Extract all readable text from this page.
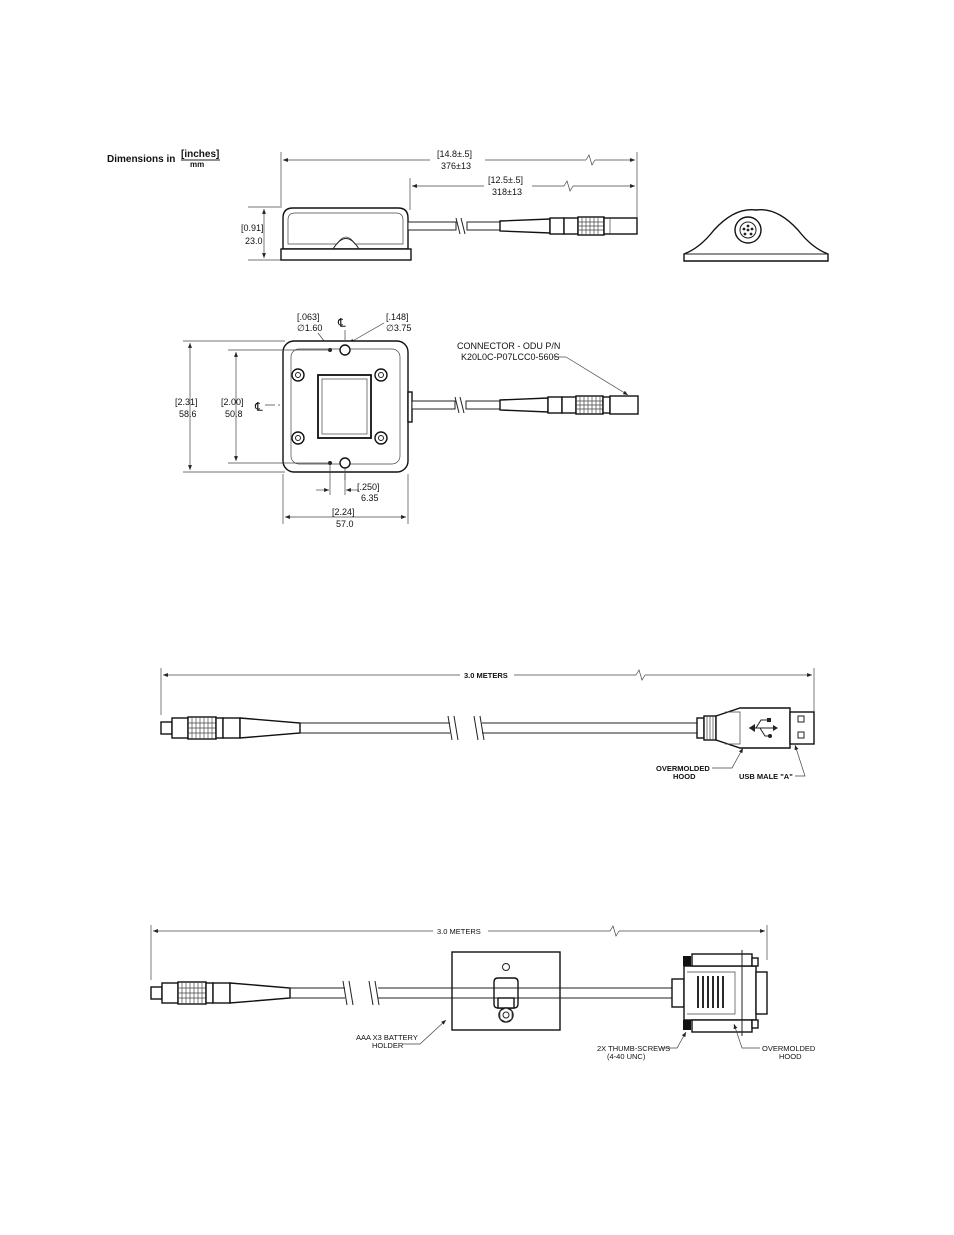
Dimensions in [inches]
mm
[14.8±.5]
376±13
[12.5±.5]
318±13
[0.91]
23.0
[.063]
∅1.60
[.148]
∅3.75
℄
℄
CONNECTOR - ODU P/N
K20L0C-P07LCC0-560S
[2.31]
58.6
[2.00]
50.8
[.250]
6.35
[2.24]
57.0
3.0 METERS
OVERMOLDED
HOOD	USB MALE "A"
3.0 METERS
AAA X3 BATTERY
HOLDER	2X THUMB-SCREWS
(4-40 UNC)
OVERMOLDED
HOOD
